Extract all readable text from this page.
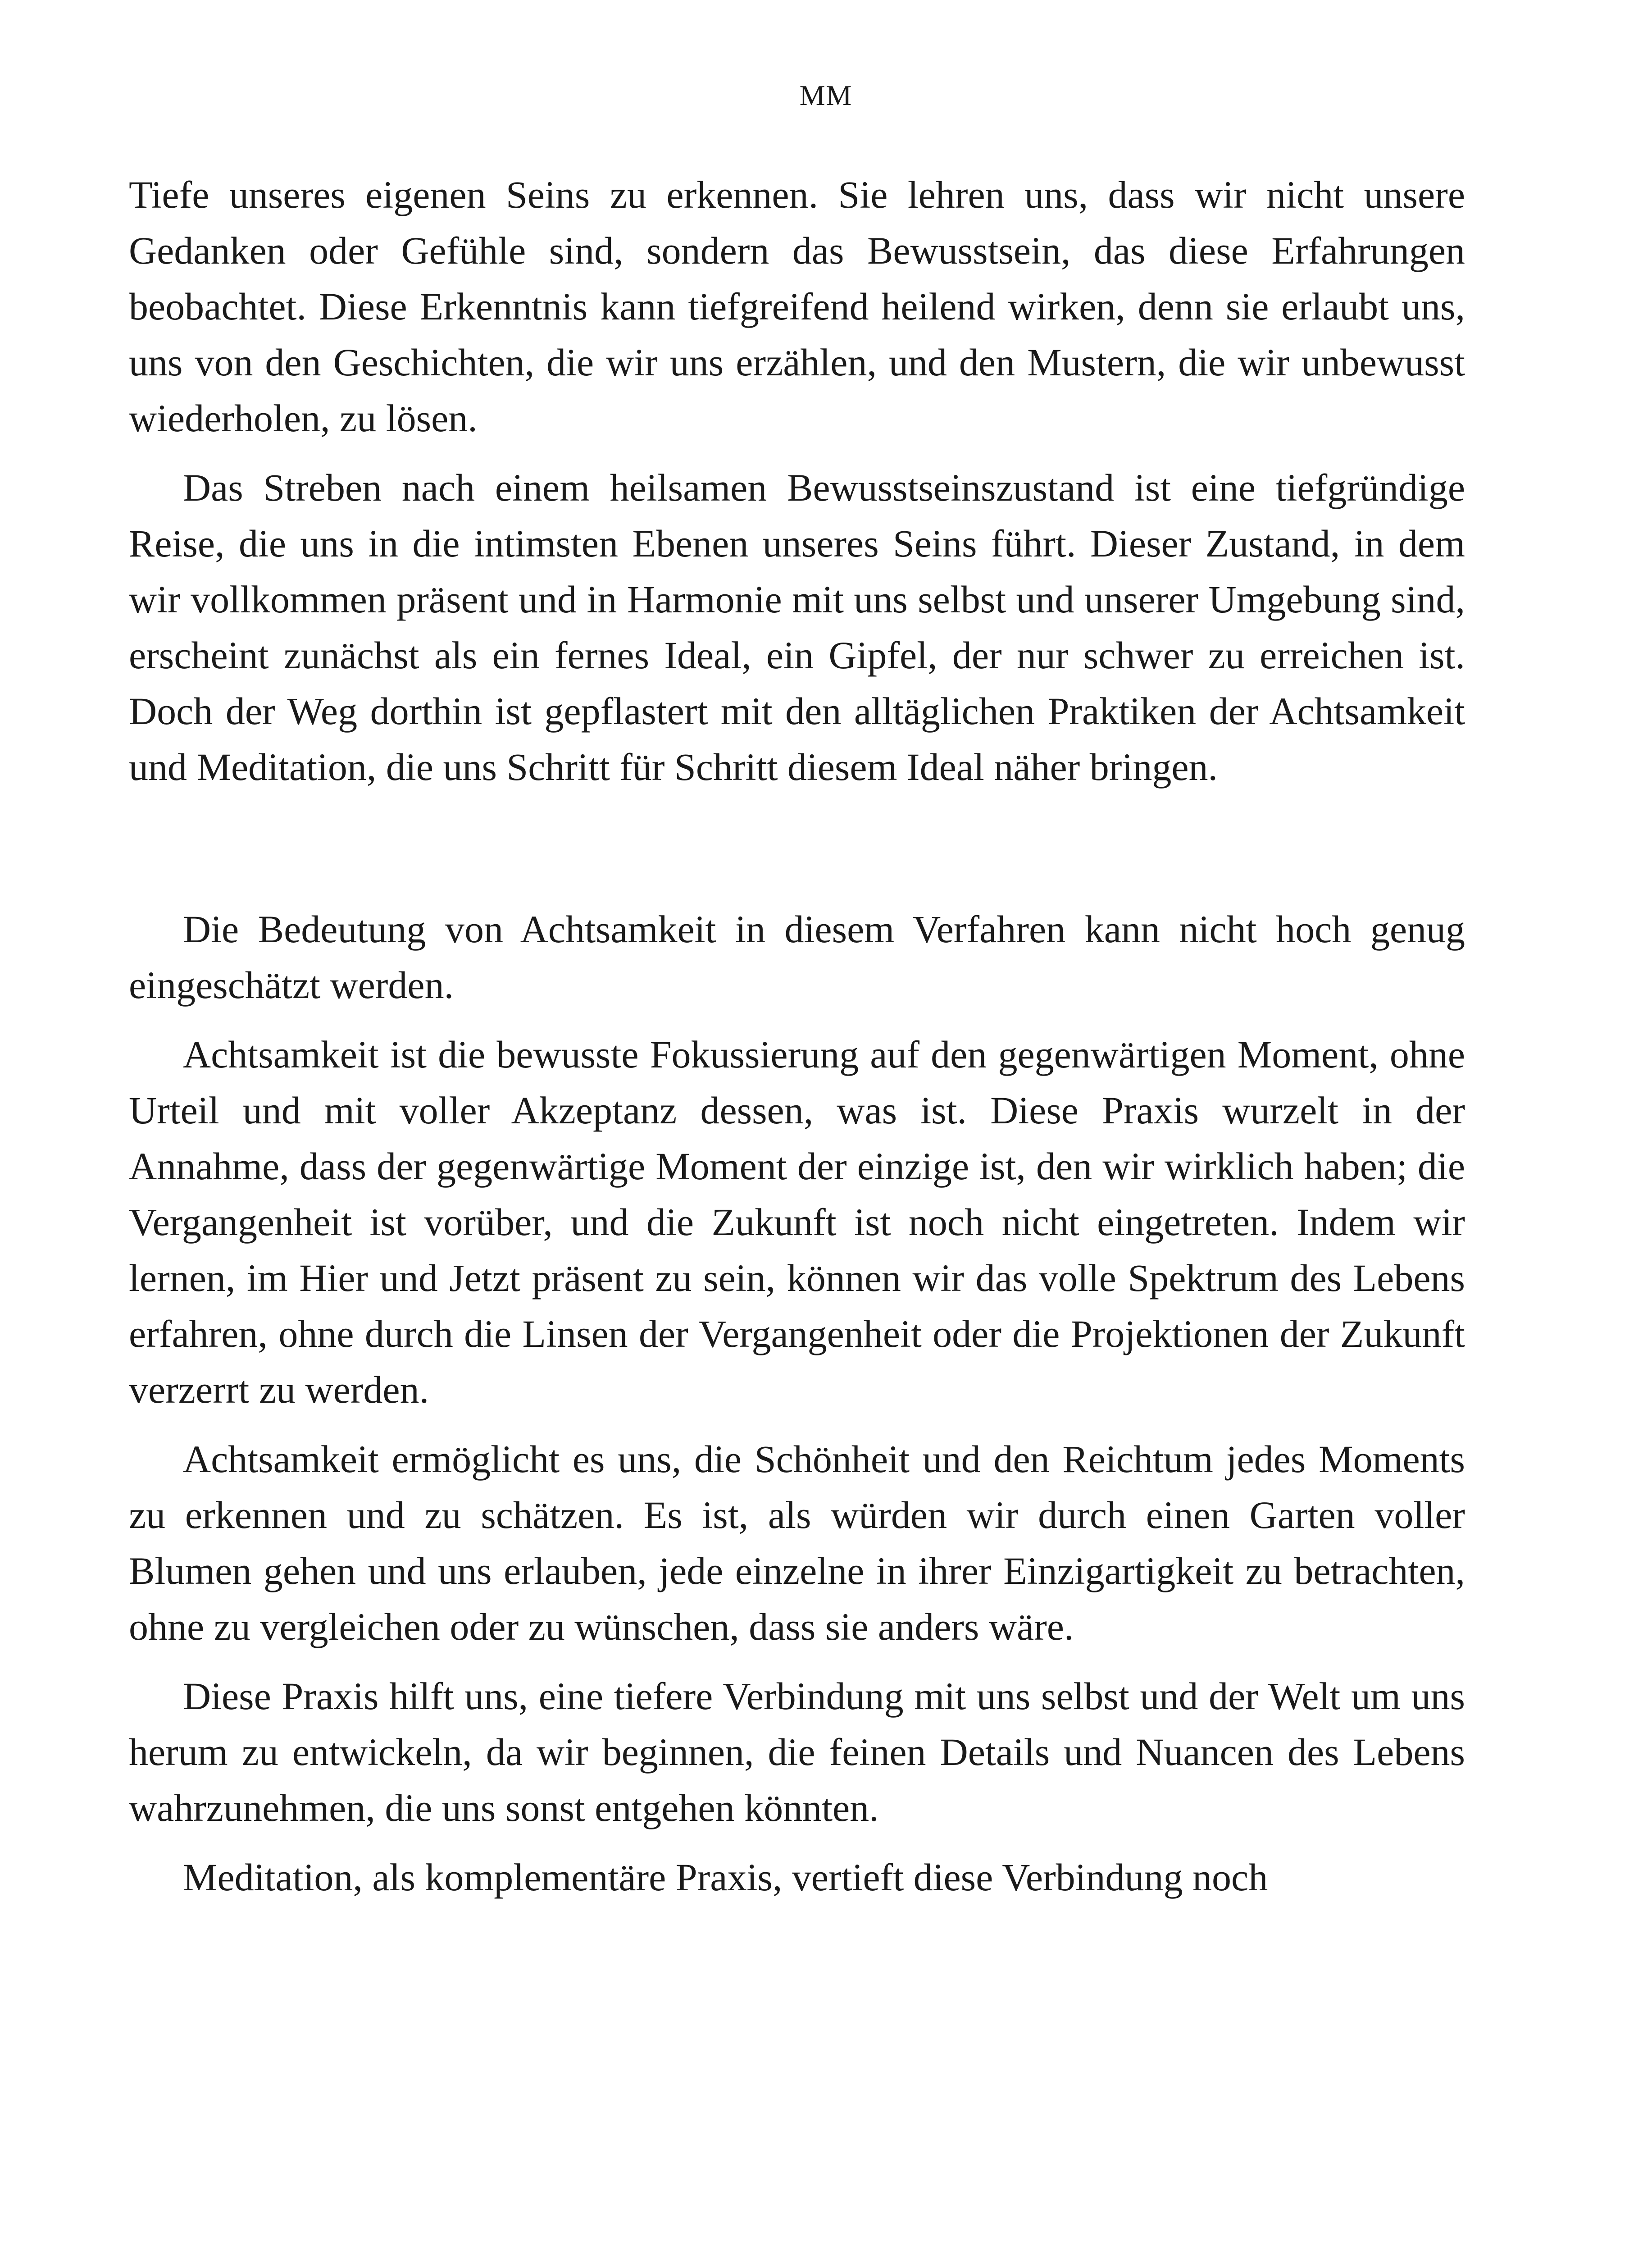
MM

Tiefe unseres eigenen Seins zu erkennen. Sie lehren uns, dass wir nicht unsere Gedanken oder Gefühle sind, sondern das Bewusstsein, das diese Erfahrungen beobachtet. Diese Erkenntnis kann tiefgreifend heilend wirken, denn sie erlaubt uns, uns von den Geschichten, die wir uns erzählen, und den Mustern, die wir unbewusst wiederholen, zu lösen.

Das Streben nach einem heilsamen Bewusstseinszustand ist eine tiefgründige Reise, die uns in die intimsten Ebenen unseres Seins führt. Dieser Zustand, in dem wir vollkommen präsent und in Harmonie mit uns selbst und unserer Umgebung sind, erscheint zunächst als ein fernes Ideal, ein Gipfel, der nur schwer zu erreichen ist. Doch der Weg dorthin ist gepflastert mit den alltäglichen Praktiken der Achtsamkeit und Meditation, die uns Schritt für Schritt diesem Ideal näher bringen.

Die Bedeutung von Achtsamkeit in diesem Verfahren kann nicht hoch genug eingeschätzt werden.

Achtsamkeit ist die bewusste Fokussierung auf den gegenwärtigen Moment, ohne Urteil und mit voller Akzeptanz dessen, was ist. Diese Praxis wurzelt in der Annahme, dass der gegenwärtige Moment der einzige ist, den wir wirklich haben; die Vergangenheit ist vorüber, und die Zukunft ist noch nicht eingetreten. Indem wir lernen, im Hier und Jetzt präsent zu sein, können wir das volle Spektrum des Lebens erfahren, ohne durch die Linsen der Vergangenheit oder die Projektionen der Zukunft verzerrt zu werden.

Achtsamkeit ermöglicht es uns, die Schönheit und den Reichtum jedes Moments zu erkennen und zu schätzen. Es ist, als würden wir durch einen Garten voller Blumen gehen und uns erlauben, jede einzelne in ihrer Einzigartigkeit zu betrachten, ohne zu vergleichen oder zu wünschen, dass sie anders wäre.

Diese Praxis hilft uns, eine tiefere Verbindung mit uns selbst und der Welt um uns herum zu entwickeln, da wir beginnen, die feinen Details und Nuancen des Lebens wahrzunehmen, die uns sonst entgehen könnten.

Meditation, als komplementäre Praxis, vertieft diese Verbindung noch
